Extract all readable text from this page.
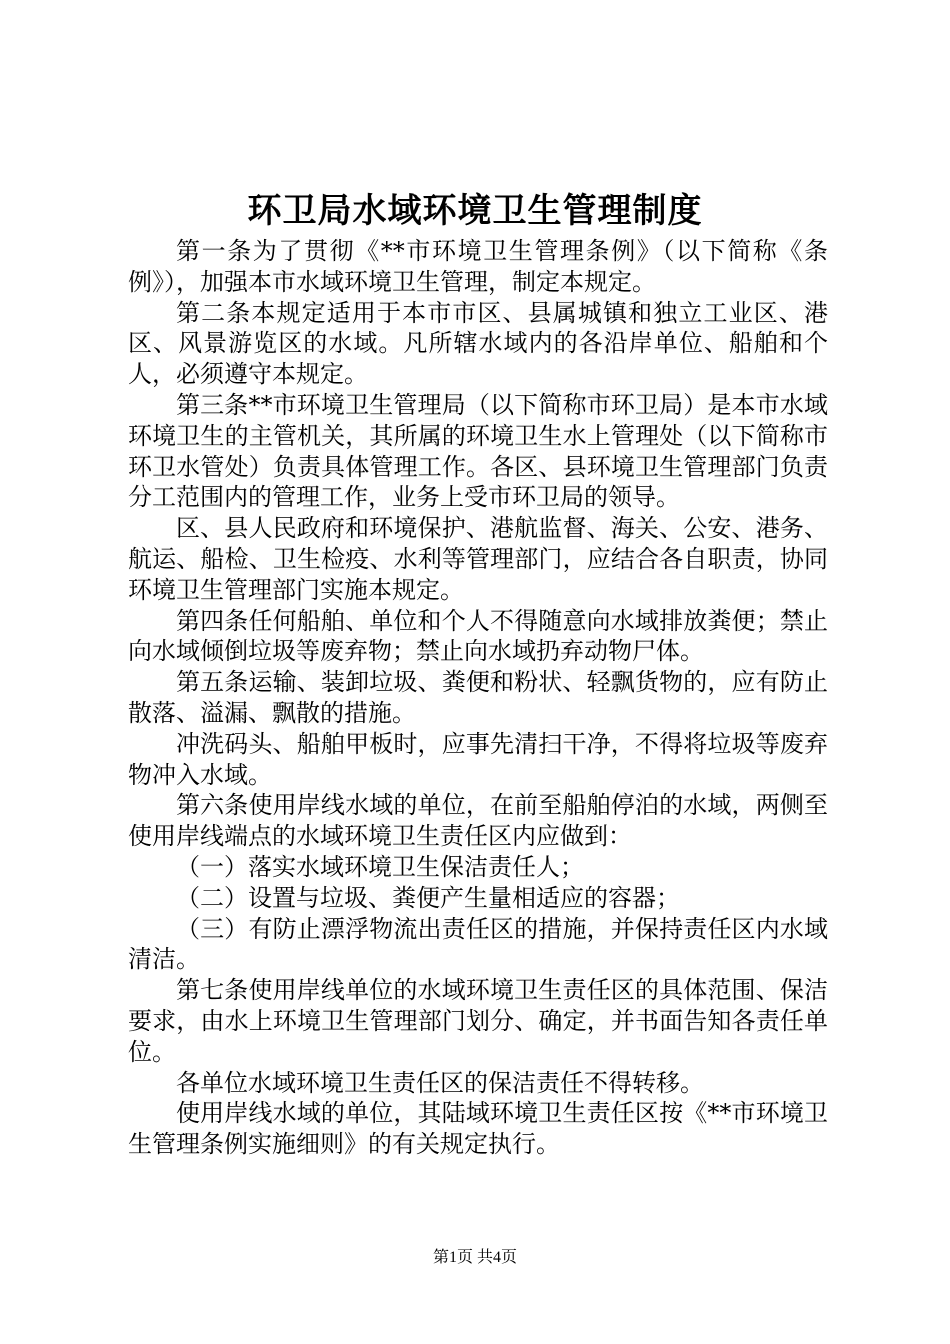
环卫局水域环境卫生管理制度

第一条为了贯彻《**市环境卫生管理条例》（以下简称《条例》），加强本市水域环境卫生管理，制定本规定。

第二条本规定适用于本市市区、县属城镇和独立工业区、港区、风景游览区的水域。凡所辖水域内的各沿岸单位、船舶和个人，必须遵守本规定。

第三条**市环境卫生管理局（以下简称市环卫局）是本市水域环境卫生的主管机关，其所属的环境卫生水上管理处（以下简称市环卫水管处）负责具体管理工作。各区、县环境卫生管理部门负责分工范围内的管理工作，业务上受市环卫局的领导。

区、县人民政府和环境保护、港航监督、海关、公安、港务、航运、船检、卫生检疫、水利等管理部门，应结合各自职责，协同环境卫生管理部门实施本规定。

第四条任何船舶、单位和个人不得随意向水域排放粪便；禁止向水域倾倒垃圾等废弃物；禁止向水域扔弃动物尸体。

第五条运输、装卸垃圾、粪便和粉状、轻飘货物的，应有防止散落、溢漏、飘散的措施。

冲洗码头、船舶甲板时，应事先清扫干净，不得将垃圾等废弃物冲入水域。

第六条使用岸线水域的单位，在前至船舶停泊的水域，两侧至使用岸线端点的水域环境卫生责任区内应做到：

（一）落实水域环境卫生保洁责任人；

（二）设置与垃圾、粪便产生量相适应的容器；

（三）有防止漂浮物流出责任区的措施，并保持责任区内水域清洁。

第七条使用岸线单位的水域环境卫生责任区的具体范围、保洁要求，由水上环境卫生管理部门划分、确定，并书面告知各责任单位。

各单位水域环境卫生责任区的保洁责任不得转移。

使用岸线水域的单位，其陆域环境卫生责任区按《**市环境卫生管理条例实施细则》的有关规定执行。

第1页 共4页
